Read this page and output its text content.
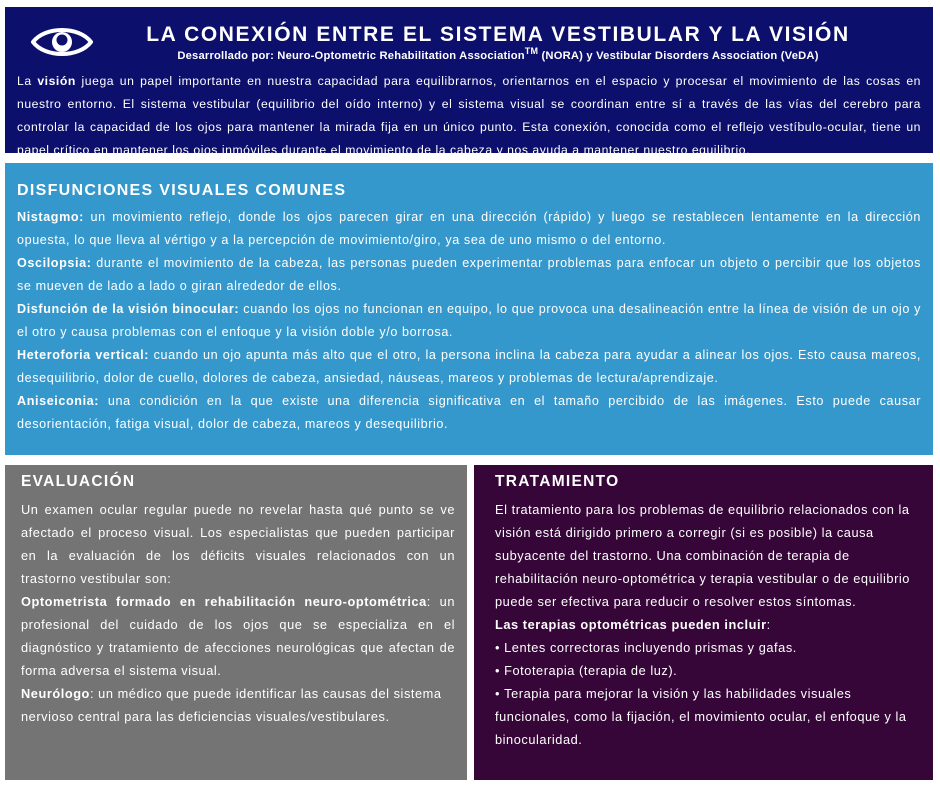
LA CONEXIÓN ENTRE EL SISTEMA VESTIBULAR Y LA VISIÓN
Desarrollado por: Neuro-Optometric Rehabilitation Association™ (NORA) y Vestibular Disorders Association (VeDA)

La visión juega un papel importante en nuestra capacidad para equilibrarnos, orientarnos en el espacio y procesar el movimiento de las cosas en nuestro entorno. El sistema vestibular (equilibrio del oído interno) y el sistema visual se coordinan entre sí a través de las vías del cerebro para controlar la capacidad de los ojos para mantener la mirada fija en un único punto. Esta conexión, conocida como el reflejo vestíbulo-ocular, tiene un papel crítico en mantener los ojos inmóviles durante el movimiento de la cabeza y nos ayuda a mantener nuestro equilibrio.

DISFUNCIONES VISUALES COMUNES

Nistagmo: un movimiento reflejo, donde los ojos parecen girar en una dirección (rápido) y luego se restablecen lentamente en la dirección opuesta, lo que lleva al vértigo y a la percepción de movimiento/giro, ya sea de uno mismo o del entorno.

Oscilopsia: durante el movimiento de la cabeza, las personas pueden experimentar problemas para enfocar un objeto o percibir que los objetos se mueven de lado a lado o giran alrededor de ellos.

Disfunción de la visión binocular: cuando los ojos no funcionan en equipo, lo que provoca una desalineación entre la línea de visión de un ojo y el otro y causa problemas con el enfoque y la visión doble y/o borrosa.

Heteroforia vertical: cuando un ojo apunta más alto que el otro, la persona inclina la cabeza para ayudar a alinear los ojos. Esto causa mareos, desequilibrio, dolor de cuello, dolores de cabeza, ansiedad, náuseas, mareos y problemas de lectura/aprendizaje.

Aniseiconia: una condición en la que existe una diferencia significativa en el tamaño percibido de las imágenes. Esto puede causar desorientación, fatiga visual, dolor de cabeza, mareos y desequilibrio.

EVALUACIÓN

Un examen ocular regular puede no revelar hasta qué punto se ve afectado el proceso visual. Los especialistas que pueden participar en la evaluación de los déficits visuales relacionados con un trastorno vestibular son:

Optometrista formado en rehabilitación neuro-optométrica: un profesional del cuidado de los ojos que se especializa en el diagnóstico y tratamiento de afecciones neurológicas que afectan de forma adversa el sistema visual.

Neurólogo: un médico que puede identificar las causas del sistema nervioso central para las deficiencias visuales/vestibulares.

TRATAMIENTO

El tratamiento para los problemas de equilibrio relacionados con la visión está dirigido primero a corregir (si es posible) la causa subyacente del trastorno. Una combinación de terapia de rehabilitación neuro-optométrica y terapia vestibular o de equilibrio puede ser efectiva para reducir o resolver estos síntomas.

Las terapias optométricas pueden incluir:

• Lentes correctoras incluyendo prismas y gafas.

• Fototerapia (terapia de luz).

• Terapia para mejorar la visión y las habilidades visuales funcionales, como la fijación, el movimiento ocular, el enfoque y la binocularidad.
